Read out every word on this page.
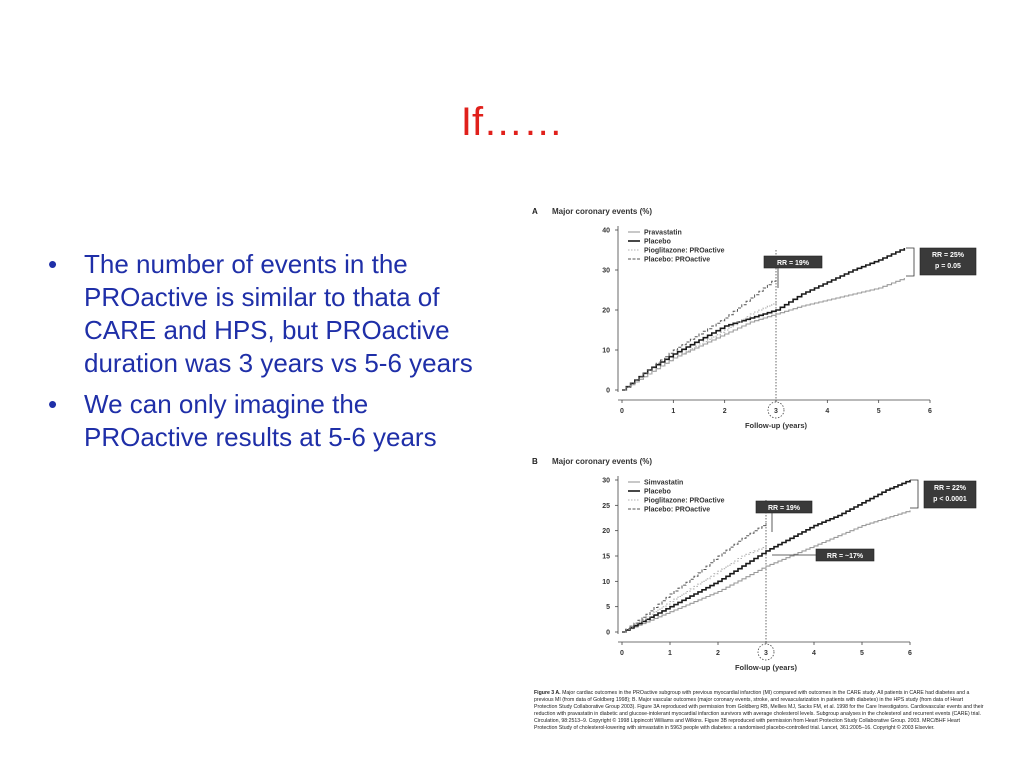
If……
• The number of events in the PROactive is similar to thata of CARE and HPS, but PROactive duration was 3 years vs 5-6 years
• We can only imagine the PROactive results at 5-6 years
A Major coronary events (%)
0
10
20
30
40
0	1	2	4	5	6
3
Follow-up (years)
Pravastatin
Placebo
Pioglitazone: PROactive
Placebo: PROactive	RR = 19%
RR = 25%
p = 0.05
B Major coronary events (%)
0
5
10
15
20
25
30
0	1	2	4	5	6
3
Follow-up (years)
Simvastatin
Placebo
Pioglitazone: PROactive
Placebo: PROactive	RR = 19%
RR = ~17%
RR = 22%
p < 0.0001
Figure 3 A. Major cardiac outcomes in the PROactive subgroup with previous myocardial infarction (MI) compared with outcomes in the CARE study. All patients in CARE had diabetes and a previous MI (from data of Goldberg 1998); B. Major vascular outcomes (major coronary events, stroke, and revascularization in patients with diabetes) in the HPS study (from data of Heart Protection Study Collaborative Group 2003). Figure 3A reproduced with permission from Goldberg RB, Mellies MJ, Sacks FM, et al. 1998 for the Care Investigators. Cardiovascular events and their reduction with pravastatin in diabetic and glucose-intolerant myocardial infarction survivors with average cholesterol levels. Subgroup analyses in the cholesterol and recurrent events (CARE) trial. Circulation, 98:2513–9. Copyright © 1998 Lippincott Williams and Wilkins. Figure 3B reproduced with permission from Heart Protection Study Collaborative Group. 2003. MRC/BHF Heart Protection Study of cholesterol-lowering with simvastatin in 5963 people with diabetes: a randomised placebo-controlled trial. Lancet, 361:2005–16. Copyright © 2003 Elsevier.
